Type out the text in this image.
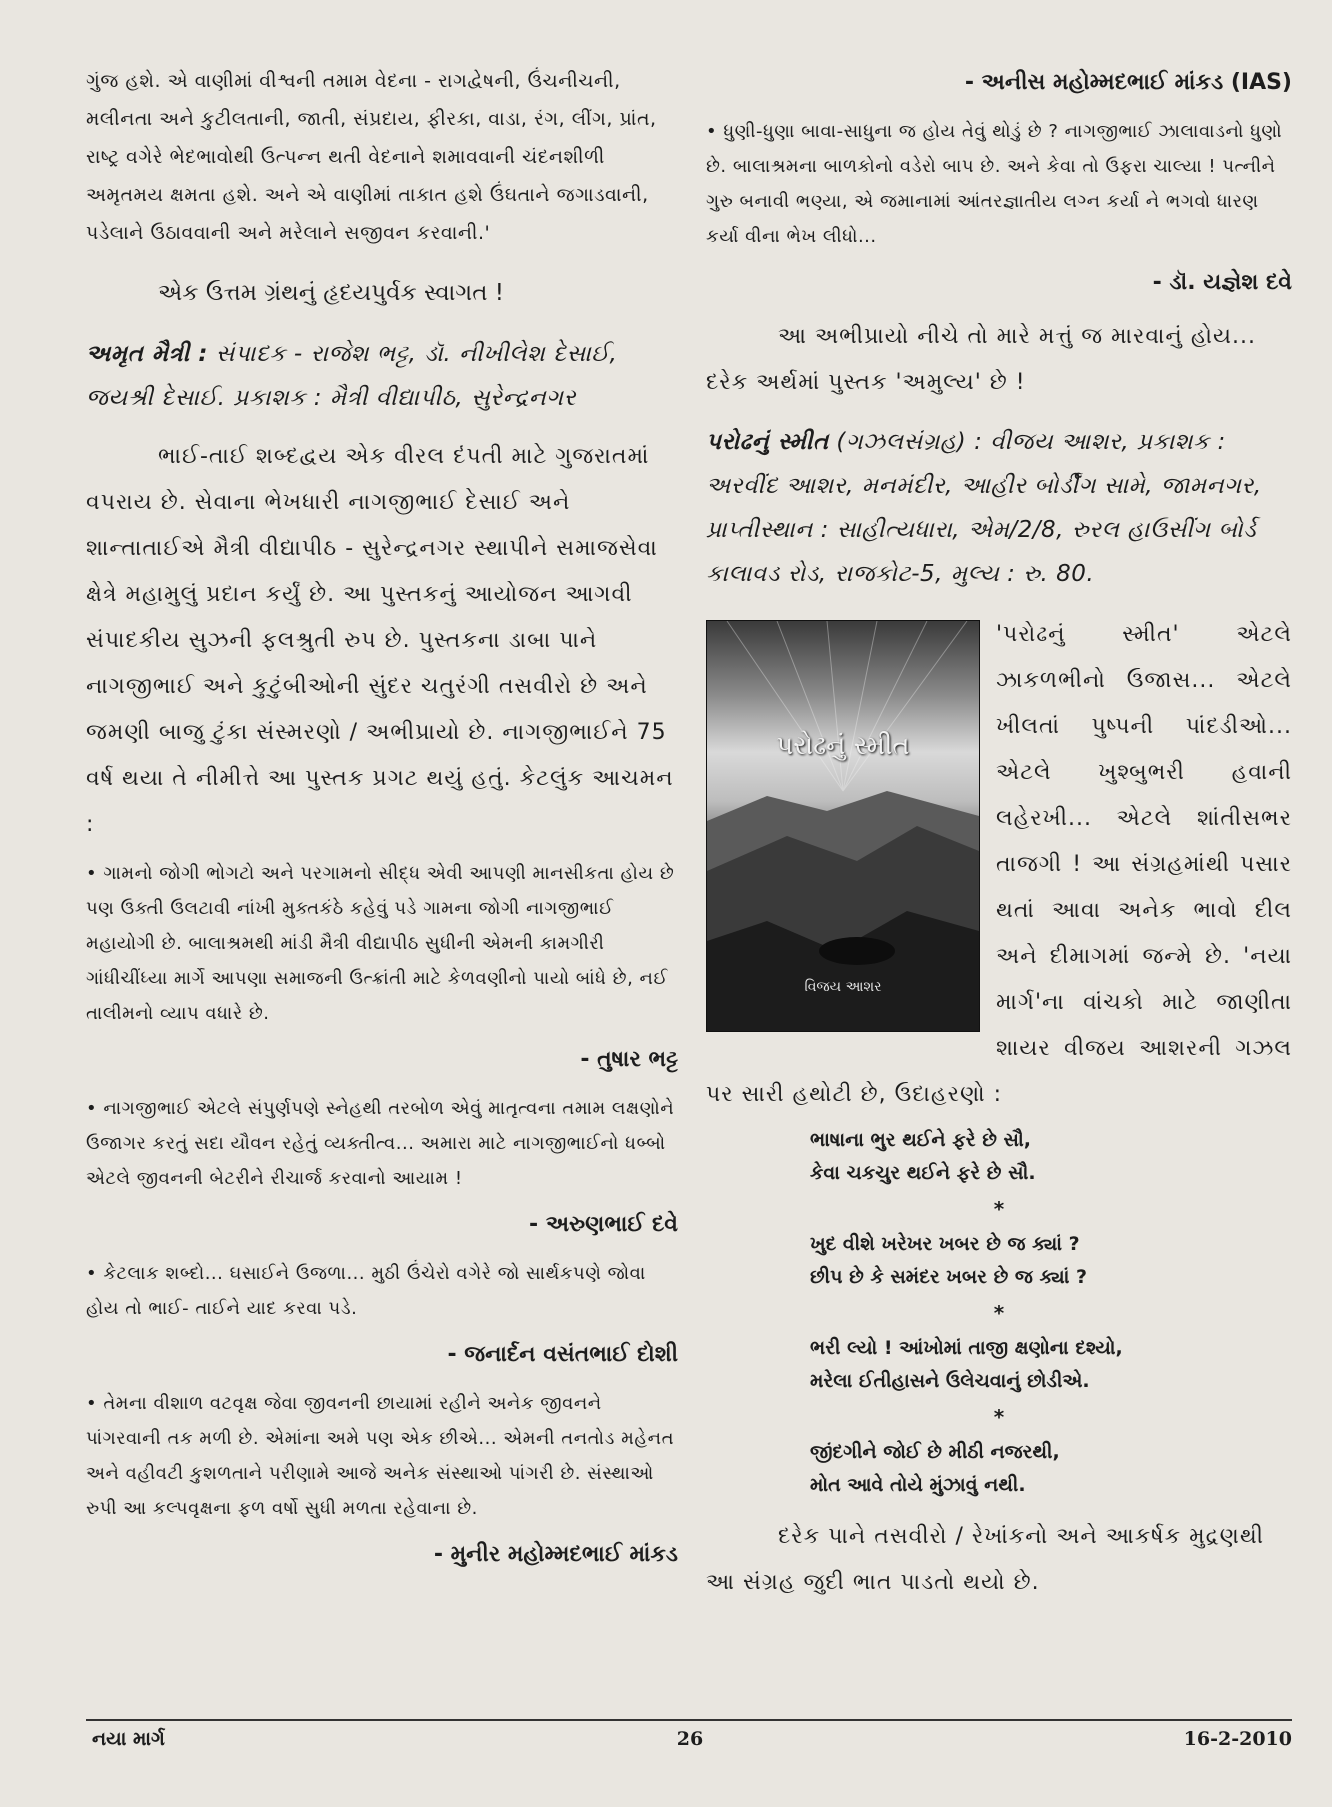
ગુંજ હશે. એ વાણીમાં વીશ્વની તમામ વેદના - રાગદ્વેષની, ઉંચનીચની, મલીનતા અને કુટીલતાની, જાતી, સંપ્રદાય, ફીરકા, વાડા, રંગ, લીંગ, પ્રાંત, રાષ્ટ્ર વગેરે ભેદભાવોથી ઉત્પન્ન થતી વેદનાને શમાવવાની ચંદનશીળી અમૃતમય ક્ષમતા હશે. અને એ વાણીમાં તાકાત હશે ઉંઘતાને જગાડવાની, પડેલાને ઉઠાવવાની અને મરેલાને સજીવન કરવાની.'

એક ઉત્તમ ગ્રંથનું હૃદયપુર્વક સ્વાગત !

અમૃત મૈત્રી : સંપાદક - રાજેશ ભટ્ટ, ડૉ. નીખીલેશ દેસાઈ, જયશ્રી દેસાઈ. પ્રકાશક : મૈત્રી વીદ્યાપીઠ, સુરેન્દ્રનગર

ભાઈ-તાઈ શબ્દદ્વય એક વીરલ દંપતી માટે ગુજરાતમાં વપરાય છે. સેવાના ભેખધારી નાગજીભાઈ દેસાઈ અને શાન્તાતાઈએ મૈત્રી વીદ્યાપીઠ - સુરેન્દ્રનગર સ્થાપીને સમાજસેવા ક્ષેત્રે મહામુલું પ્રદાન કર્યું છે. આ પુસ્તકનું આયોજન આગવી સંપાદકીય સુઝની ફલશ્રુતી રુપ છે. પુસ્તકના ડાબા પાને નાગજીભાઈ અને કુટુંબીઓની સુંદર ચતુરંગી તસવીરો છે અને જમણી બાજુ ટુંકા સંસ્મરણો / અભીપ્રાયો છે. નાગજીભાઈને 75 વર્ષ થયા તે નીમીત્તે આ પુસ્તક પ્રગટ થયું હતું. કેટલુંક આચમન :

• ગામનો જોગી ભોગટો અને પરગામનો સીદ્ધ એવી આપણી માનસીકતા હોય છે પણ ઉક્તી ઉલટાવી નાંખી મુક્તકંઠે કહેવું પડે ગામના જોગી નાગજીભાઈ મહાયોગી છે. બાલાશ્રમથી માંડી મૈત્રી વીદ્યાપીઠ સુધીની એમની કામગીરી ગાંધીચીંધ્યા માર્ગે આપણા સમાજની ઉત્ક્રાંતી માટે કેળવણીનો પાયો બાંધે છે, નઈ તાલીમનો વ્યાપ વધારે છે.

- તુષાર ભટ્ટ

• નાગજીભાઈ એટલે સંપુર્ણપણે સ્નેહથી તરબોળ એવું માતૃત્વના તમામ લક્ષણોને ઉજાગર કરતું સદા યૌવન રહેતું વ્યક્તીત્વ... અમારા માટે નાગજીભાઈનો ધબ્બો એટલે જીવનની બેટરીને રીચાર્જ કરવાનો આયામ !

- અરુણભાઈ દવે

• કેટલાક શબ્દો... ઘસાઈને ઉજળા... મુઠી ઉંચેરો વગેરે જો સાર્થકપણે જોવા હોય તો ભાઈ- તાઈને યાદ કરવા પડે.

- જનાર્દન વસંતભાઈ દોશી

• તેમના વીશાળ વટવૃક્ષ જેવા જીવનની છાયામાં રહીને અનેક જીવનને પાંગરવાની તક મળી છે. એમાંના અમે પણ એક છીએ... એમની તનતોડ મહેનત અને વહીવટી કુશળતાને પરીણામે આજે અનેક સંસ્થાઓ પાંગરી છે. સંસ્થાઓ રુપી આ કલ્પવૃક્ષના ફળ વર્ષો સુધી મળતા રહેવાના છે.

- મુનીર મહોમ્મદભાઈ માંકડ

- અનીસ મહોમ્મદભાઈ માંકડ (IAS)

• ધુણી-ધુણા બાવા-સાધુના જ હોય તેવું થોડું છે ? નાગજીભાઈ ઝાલાવાડનો ધુણો છે. બાલાશ્રમના બાળકોનો વડેરો બાપ છે. અને કેવા તો ઉફરા ચાલ્યા ! પત્નીને ગુરુ બનાવી ભણ્યા, એ જમાનામાં આંતરજ્ઞાતીય લગ્ન કર્યા ને ભગવો ધારણ કર્યા વીના ભેખ લીધો...

- ડૉ. યજ્ઞેશ દવે

આ અભીપ્રાયો નીચે તો મારે મત્તું જ મારવાનું હોય... દરેક અર્થમાં પુસ્તક 'અમુલ્ય' છે !

પરોઢનું સ્મીત (ગઝલસંગ્રહ) : વીજય આશર, પ્રકાશક : અરવીંદ આશર, મનમંદીર, આહીર બોર્ડીંગ સામે, જામનગર, પ્રાપ્તીસ્થાન : સાહીત્યધારા, એમ/2/8, રુરલ હાઉસીંગ બોર્ડ કાલાવડ રોડ, રાજકોટ-5, મુલ્ય : રુ. 80.

પરોઢનું સ્મીત
વિજય આશર

'પરોઢનું સ્મીત' એટલે ઝાકળભીનો ઉજાસ... એટલે ખીલતાં પુષ્પની પાંદડીઓ... એટલે ખુશ્બુભરી હવાની લહેરખી... એટલે શાંતીસભર તાજગી ! આ સંગ્રહમાંથી પસાર થતાં આવા અનેક ભાવો દીલ અને દીમાગમાં જન્મે છે. 'નયા માર્ગ'ના વાંચકો માટે જાણીતા શાયર વીજય આશરની ગઝલ પર સારી હથોટી છે, ઉદાહરણો :

ભાષાના ભુર થઈને ફરે છે સૌ,
કેવા ચકચુર થઈને ફરે છે સૌ.

*

ખુદ વીશે ખરેખર ખબર છે જ ક્યાં ?
છીપ છે કે સમંદર ખબર છે જ ક્યાં ?

*

ભરી લ્યો ! આંખોમાં તાજી ક્ષણોના દશ્યો,
મરેલા ઈતીહાસને ઉલેચવાનું છોડીએ.

*

જીંદગીને જોઈ છે મીઠી નજરથી,
મોત આવે તોયે મુંઝાવું નથી.

દરેક પાને તસવીરો / રેખાંકનો અને આકર્ષક મુદ્રણથી આ સંગ્રહ જુદી ભાત પાડતો થયો છે.

નયા માર્ગ	26	16-2-2010
